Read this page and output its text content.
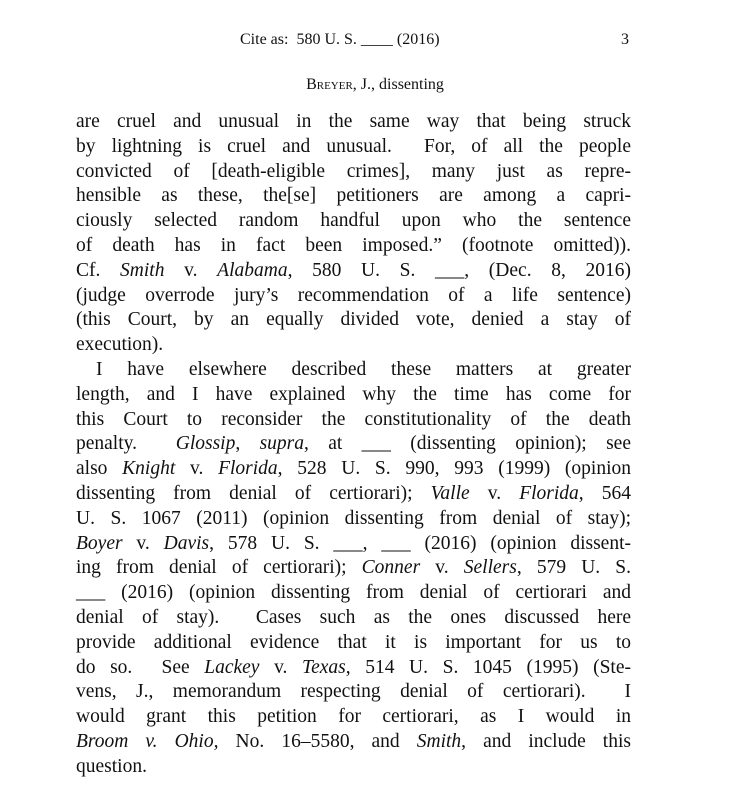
Cite as:  580 U. S. ____ (2016)	3
Breyer, J., dissenting
are cruel and unusual in the same way that being struck
by lightning is cruel and unusual.  For, of all the people
convicted of [death-eligible crimes], many just as repre-
hensible as these, the[se] petitioners are among a capri-
ciously selected random handful upon who the sentence
of death has in fact been imposed.” (footnote omitted)).
Cf. Smith v. Alabama, 580 U. S. ___, (Dec. 8, 2016)
(judge overrode jury’s recommendation of a life sentence)
(this Court, by an equally divided vote, denied a stay of
execution).
I have elsewhere described these matters at greater
length, and I have explained why the time has come for
this Court to reconsider the constitutionality of the death
penalty.  Glossip, supra, at ___ (dissenting opinion); see
also Knight v. Florida, 528 U. S. 990, 993 (1999) (opinion
dissenting from denial of certiorari); Valle v. Florida, 564
U. S. 1067 (2011) (opinion dissenting from denial of stay);
Boyer v. Davis, 578 U. S. ___, ___ (2016) (opinion dissent-
ing from denial of certiorari); Conner v. Sellers, 579 U. S.
___ (2016) (opinion dissenting from denial of certiorari and
denial of stay).  Cases such as the ones discussed here
provide additional evidence that it is important for us to
do so.  See Lackey v. Texas, 514 U. S. 1045 (1995) (Ste-
vens, J., memorandum respecting denial of certiorari).  I
would grant this petition for certiorari, as I would in
Broom v. Ohio, No. 16–5580, and Smith, and include this
question.
